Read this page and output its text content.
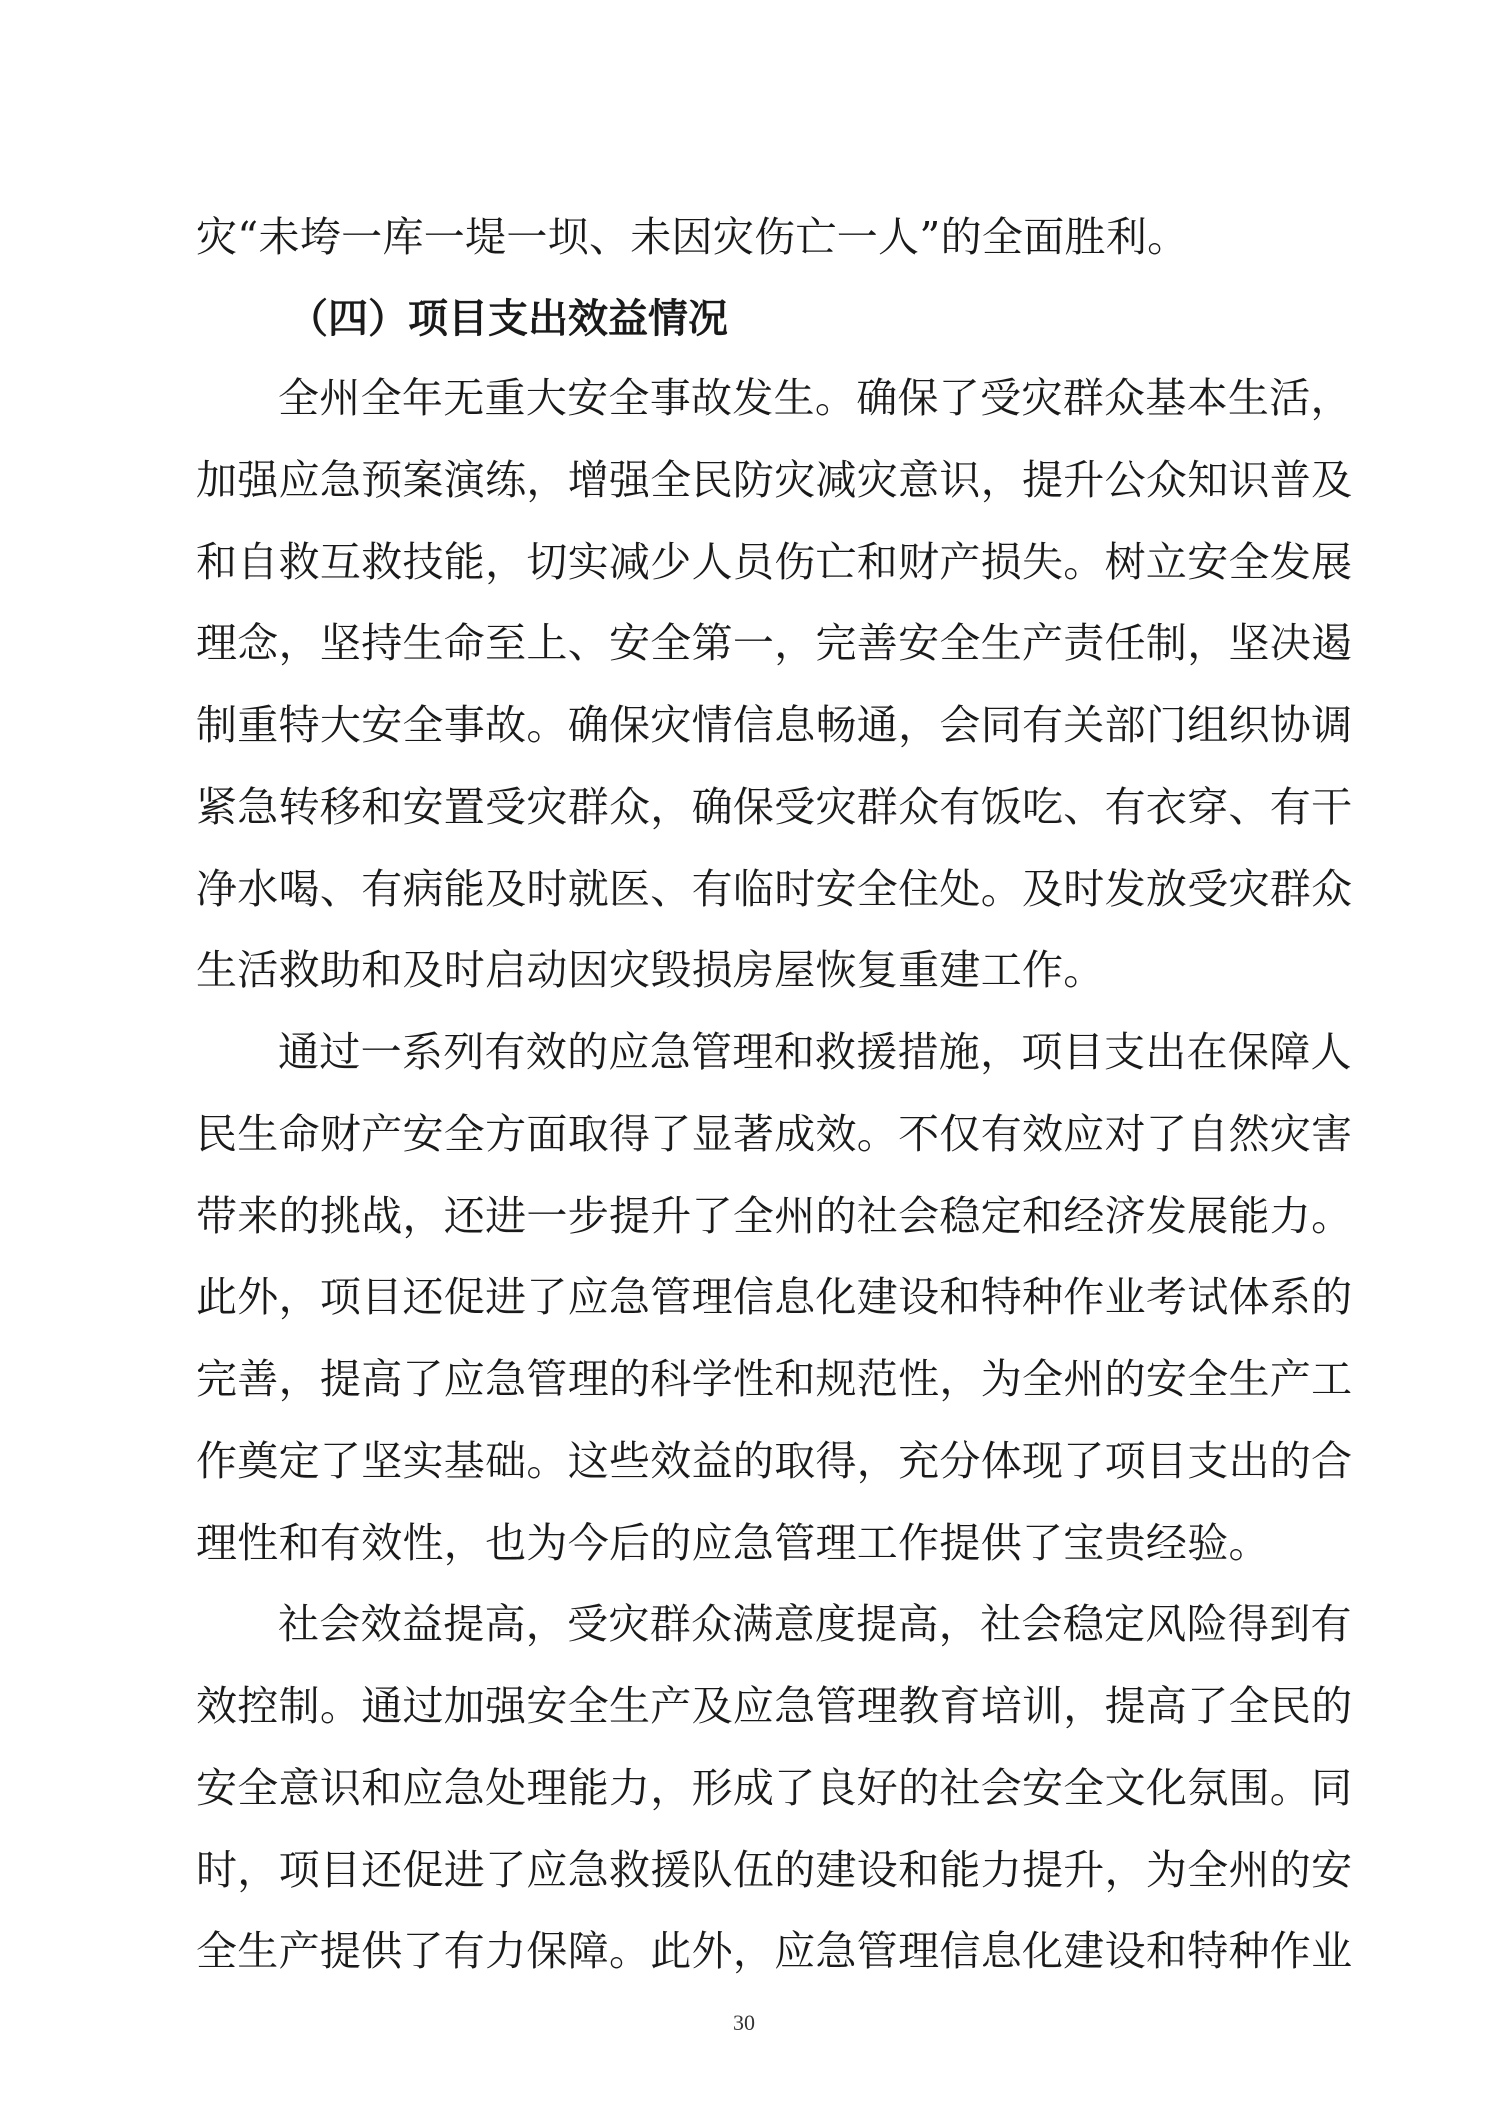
灾“未垮一库一堤一坝、未因灾伤亡一人”的全面胜利。
（四）项目支出效益情况
全州全年无重大安全事故发生。确保了受灾群众基本生活，
加强应急预案演练，增强全民防灾减灾意识，提升公众知识普及
和自救互救技能，切实减少人员伤亡和财产损失。树立安全发展
理念，坚持生命至上、安全第一，完善安全生产责任制，坚决遏
制重特大安全事故。确保灾情信息畅通，会同有关部门组织协调
紧急转移和安置受灾群众，确保受灾群众有饭吃、有衣穿、有干
净水喝、有病能及时就医、有临时安全住处。及时发放受灾群众
生活救助和及时启动因灾毁损房屋恢复重建工作。
通过一系列有效的应急管理和救援措施，项目支出在保障人
民生命财产安全方面取得了显著成效。不仅有效应对了自然灾害
带来的挑战，还进一步提升了全州的社会稳定和经济发展能力。
此外，项目还促进了应急管理信息化建设和特种作业考试体系的
完善，提高了应急管理的科学性和规范性，为全州的安全生产工
作奠定了坚实基础。这些效益的取得，充分体现了项目支出的合
理性和有效性，也为今后的应急管理工作提供了宝贵经验。
社会效益提高，受灾群众满意度提高，社会稳定风险得到有
效控制。通过加强安全生产及应急管理教育培训，提高了全民的
安全意识和应急处理能力，形成了良好的社会安全文化氛围。同
时，项目还促进了应急救援队伍的建设和能力提升，为全州的安
全生产提供了有力保障。此外，应急管理信息化建设和特种作业
30
